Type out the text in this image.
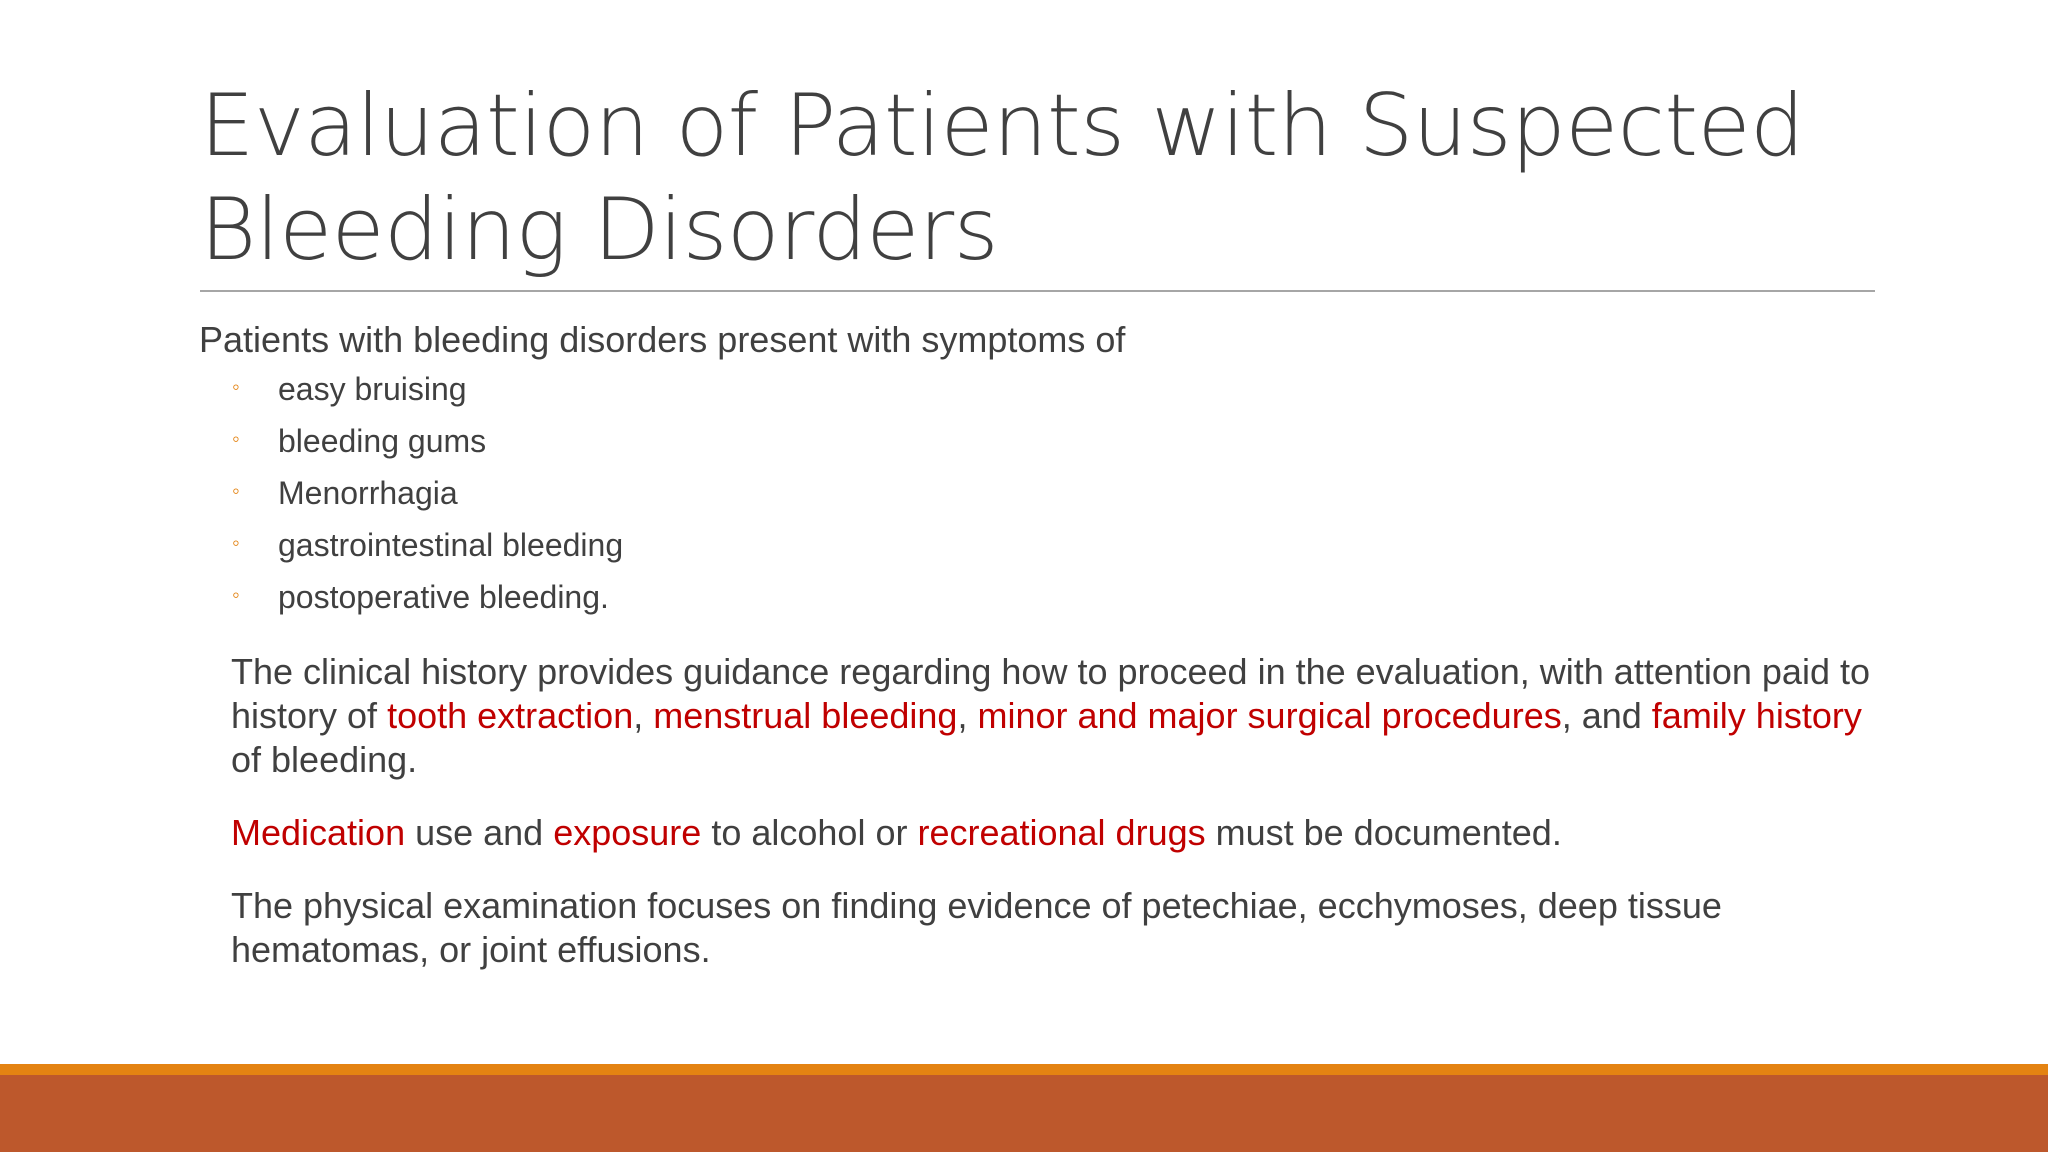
Evaluation of Patients with Suspected
Bleeding Disorders
Patients with bleeding disorders present with symptoms of
◦	easy bruising
◦	bleeding gums
◦	Menorrhagia
◦	gastrointestinal bleeding
◦	postoperative bleeding.

The clinical history provides guidance regarding how to proceed in the evaluation, with attention paid to history of tooth extraction, menstrual bleeding, minor and major surgical procedures, and family history of bleeding.

Medication use and exposure to alcohol or recreational drugs must be documented.

The physical examination focuses on finding evidence of petechiae, ecchymoses, deep tissue hematomas, or joint effusions.
